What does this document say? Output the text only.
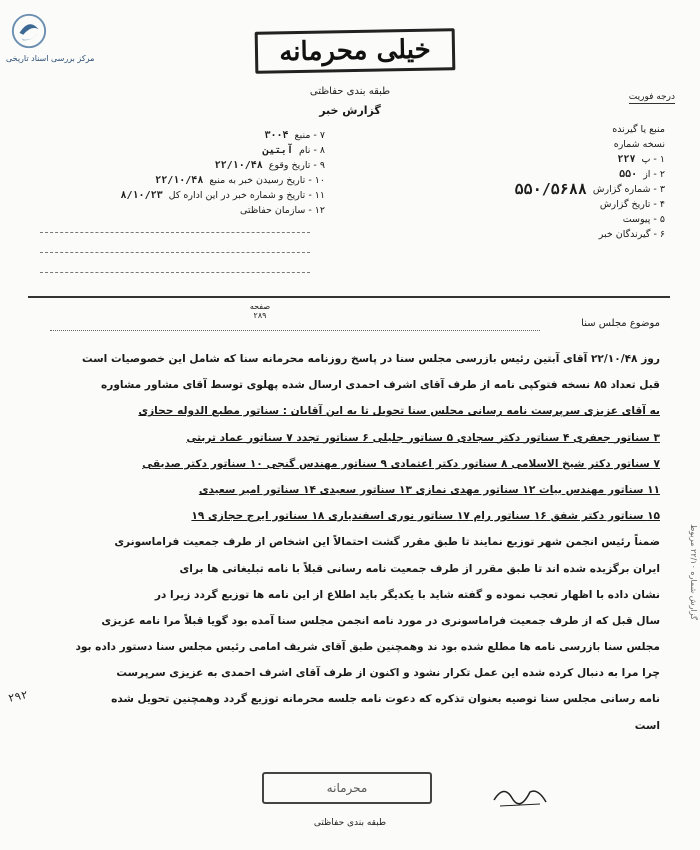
مرکز بررسی اسناد تاریخی	خیلی محرمانه
طبقه بندی حفاظتی
گزارش خبر
درجه فوریت
منبع یا گیرنده
نسخه شماره
۱ - پ
۲۲۷
۲ - از
۵۵۰
۳ - شماره گزارش
۵۵۰/۵۶۸۸
۴ - تاریخ گزارش
۵ - پیوست
۶ - گیرندگان خبر
۷ - منبع
۳۰۰۴
۸ - نام
آبتین
۹ - تاریخ وقوع
۲۲/۱۰/۴۸
۱۰ - تاریخ رسیدن خبر به منبع
۲۲/۱۰/۴۸
۱۱ - تاریخ و شماره خبر در این اداره کل
۸/۱۰/۲۳
۱۲ - سازمان حفاظتی
صفحه
۲۸۹
موضوع مجلس سنا
روز ۲۲/۱۰/۴۸ آقای آبتین رئیس بازرسی مجلس سنا در پاسخ روزنامه محرمانه سنا که شامل این خصوصیات است
قبل تعداد ۸۵ نسخه فتوکپی نامه از طرف آقای اشرف احمدی ارسال شده پهلوی توسط آقای مشاور مشاوره
به آقای عزیزی سرپرست نامه رسانی مجلس سنا تحویل تا به این آقایان : سناتور مطیع الدوله حجازی
۳ سناتور جعفری ۴ سناتور دکتر سجادی ۵ سناتور جلیلی ۶ سناتور تجدد ۷ سناتور عماد تربتی
۷ سناتور دکتر شیخ الاسلامی ۸ سناتور دکتر اعتمادی ۹ سناتور مهندس گنجی ۱۰ سناتور دکتر صدیقی
۱۱ سناتور مهندس بیات ۱۲ سناتور مهدی نمازی ۱۳ سناتور سعیدی ۱۴ سناتور امیر سعیدی
۱۵ سناتور دکتر شفق ۱۶ سناتور رام ۱۷ سناتور نوری اسفندیاری ۱۸ سناتور ایرج حجازی ۱۹
ضمناً رئیس انجمن شهر توزیع نمایند تا طبق مقرر گشت احتمالاً این اشخاص از طرف جمعیت فراماسونری
ایران برگزیده شده اند تا طبق مقرر از طرف جمعیت نامه رسانی قبلاً با نامه تبلیغاتی ها برای
نشان داده با اظهار تعجب نموده و گفته شاید با یکدیگر باید اطلاع از این نامه ها توزیع گردد زیرا در
سال قبل که از طرف جمعیت فراماسونری در مورد نامه انجمن مجلس سنا آمده بود گویا قبلاً مرا نامه عزیزی
مجلس سنا بازرسی نامه ها مطلع شده بود ند وهمچنین طبق آقای شریف امامی رئیس مجلس سنا دستور داده بود
چرا مرا به دنبال کرده شده این عمل تکرار نشود و اکنون از طرف آقای اشرف احمدی به عزیزی سرپرست
نامه رسانی مجلس سنا توصیه بعنوان تذکره که دعوت نامه جلسه محرمانه توزیع گردد وهمچنین تحویل شده
است
گزارش شماره ۲۲/۱۰ مربوط
۲۹۲
محرمانه
طبقه بندی حفاظتی
